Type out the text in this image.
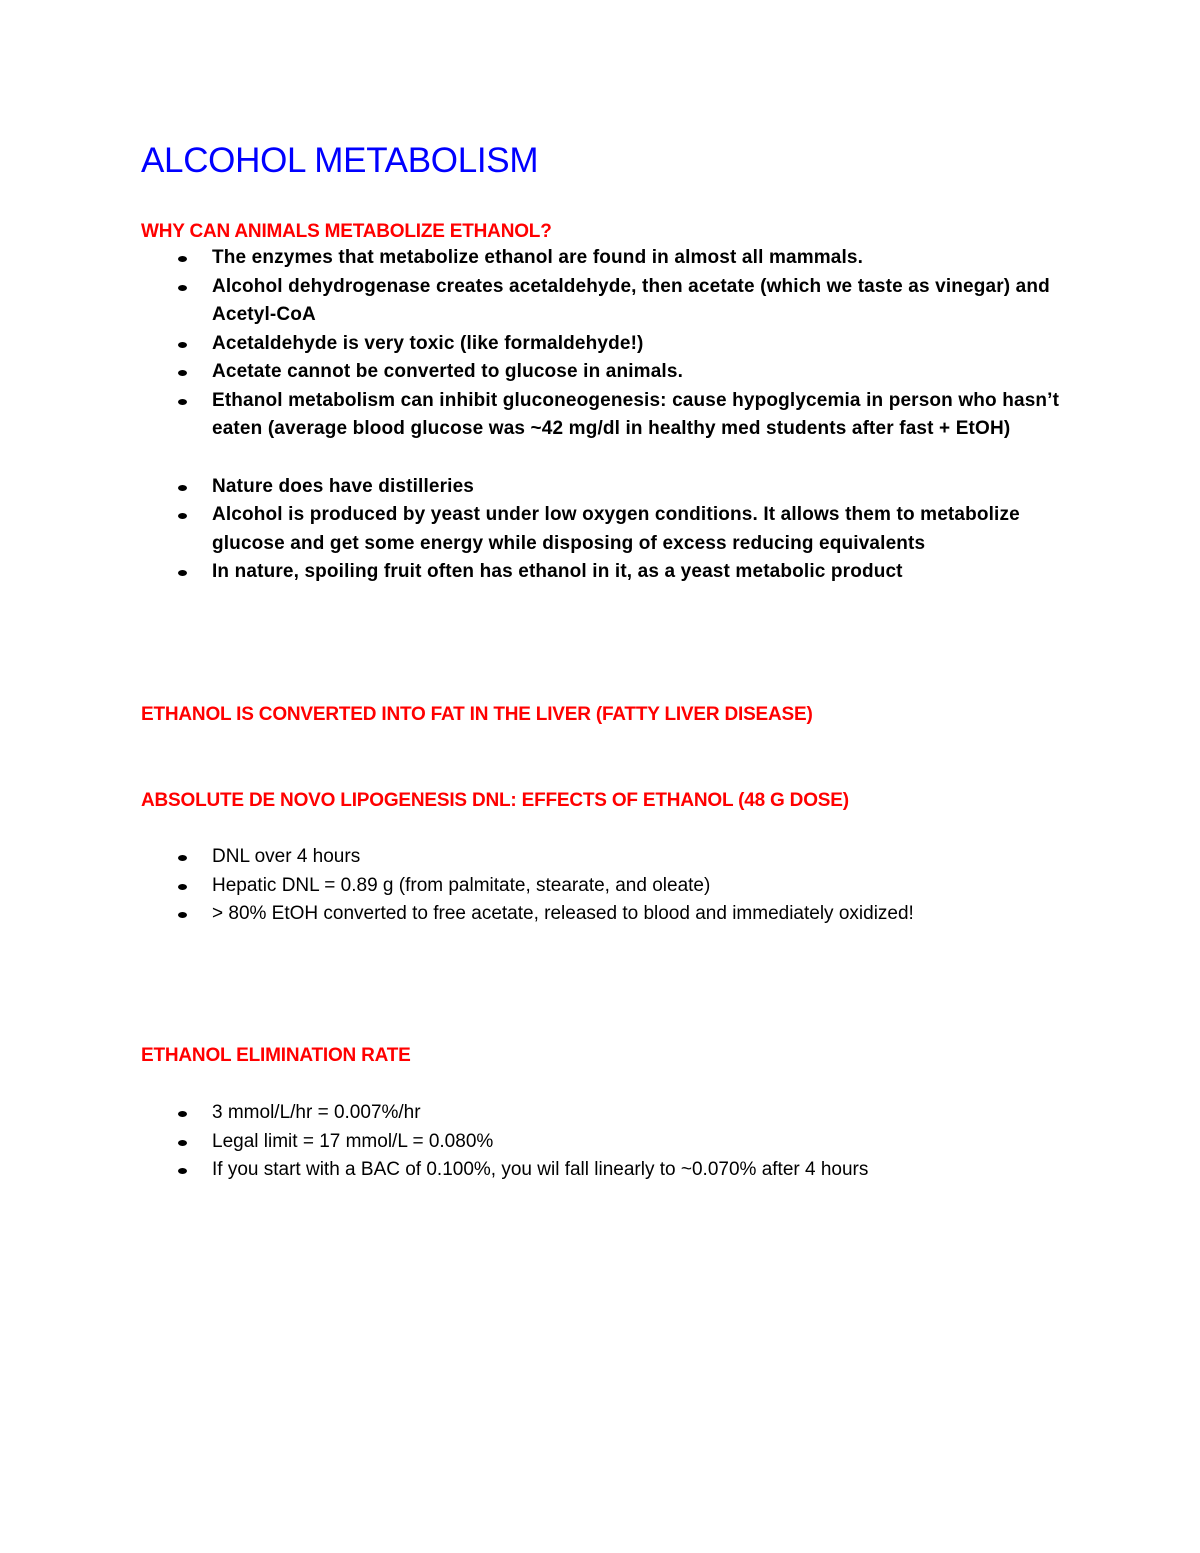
ALCOHOL METABOLISM
WHY CAN ANIMALS METABOLIZE ETHANOL?
The enzymes that metabolize ethanol are found in almost all mammals.
Alcohol dehydrogenase creates acetaldehyde, then acetate (which we taste as vinegar) and Acetyl-CoA
Acetaldehyde is very toxic (like formaldehyde!)
Acetate cannot be converted to glucose in animals.
Ethanol metabolism can inhibit gluconeogenesis: cause hypoglycemia in person who hasn’t eaten (average blood glucose was ~42 mg/dl in healthy med students after fast + EtOH)
Nature does have distilleries
Alcohol is produced by yeast under low oxygen conditions. It allows them to metabolize glucose and get some energy while disposing of excess reducing equivalents
In nature, spoiling fruit often has ethanol in it, as a yeast metabolic product
ETHANOL IS CONVERTED INTO FAT IN THE LIVER (FATTY LIVER DISEASE)
ABSOLUTE DE NOVO LIPOGENESIS DNL: EFFECTS OF ETHANOL (48 G DOSE)
DNL over 4 hours
Hepatic DNL = 0.89 g (from palmitate, stearate, and oleate)
> 80% EtOH converted to free acetate, released to blood and immediately oxidized!
ETHANOL ELIMINATION RATE
3 mmol/L/hr = 0.007%/hr
Legal limit = 17 mmol/L = 0.080%
If you start with a BAC of 0.100%, you wil fall linearly to ~0.070% after 4 hours
